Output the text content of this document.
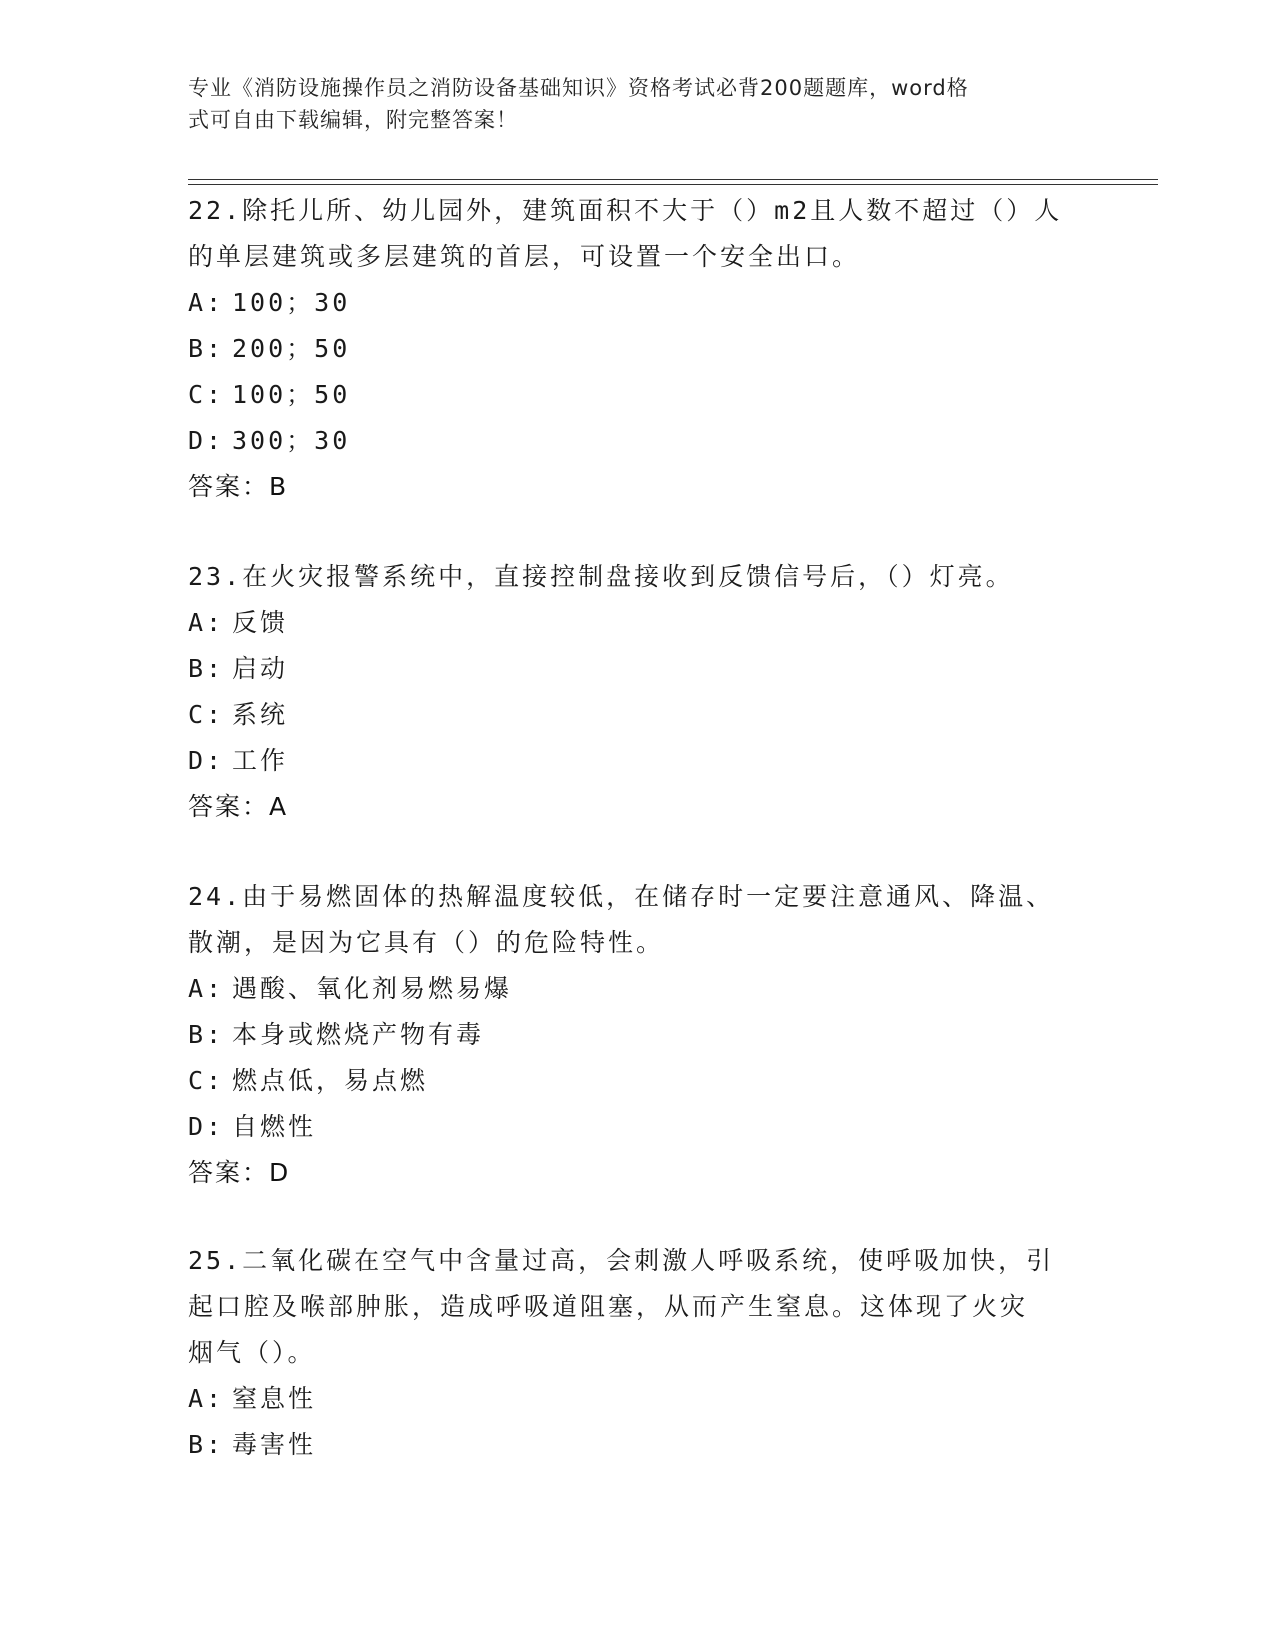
专业《消防设施操作员之消防设备基础知识》资格考试必背200题题库，word格
式可自由下载编辑，附完整答案！

22.除托儿所、幼儿园外，建筑面积不大于（）m2且人数不超过（）人

的单层建筑或多层建筑的首层，可设置一个安全出口。

A: 100；30

B: 200；50

C: 100；50

D: 300；30

答案：B

23.在火灾报警系统中，直接控制盘接收到反馈信号后，（）灯亮。

A: 反馈

B: 启动

C: 系统

D: 工作

答案：A

24.由于易燃固体的热解温度较低，在储存时一定要注意通风、降温、

散潮，是因为它具有（）的危险特性。

A: 遇酸、氧化剂易燃易爆

B: 本身或燃烧产物有毒

C: 燃点低，易点燃

D: 自燃性

答案：D

25.二氧化碳在空气中含量过高，会刺激人呼吸系统，使呼吸加快，引

起口腔及喉部肿胀，造成呼吸道阻塞，从而产生窒息。这体现了火灾

烟气（）。

A: 窒息性

B: 毒害性
